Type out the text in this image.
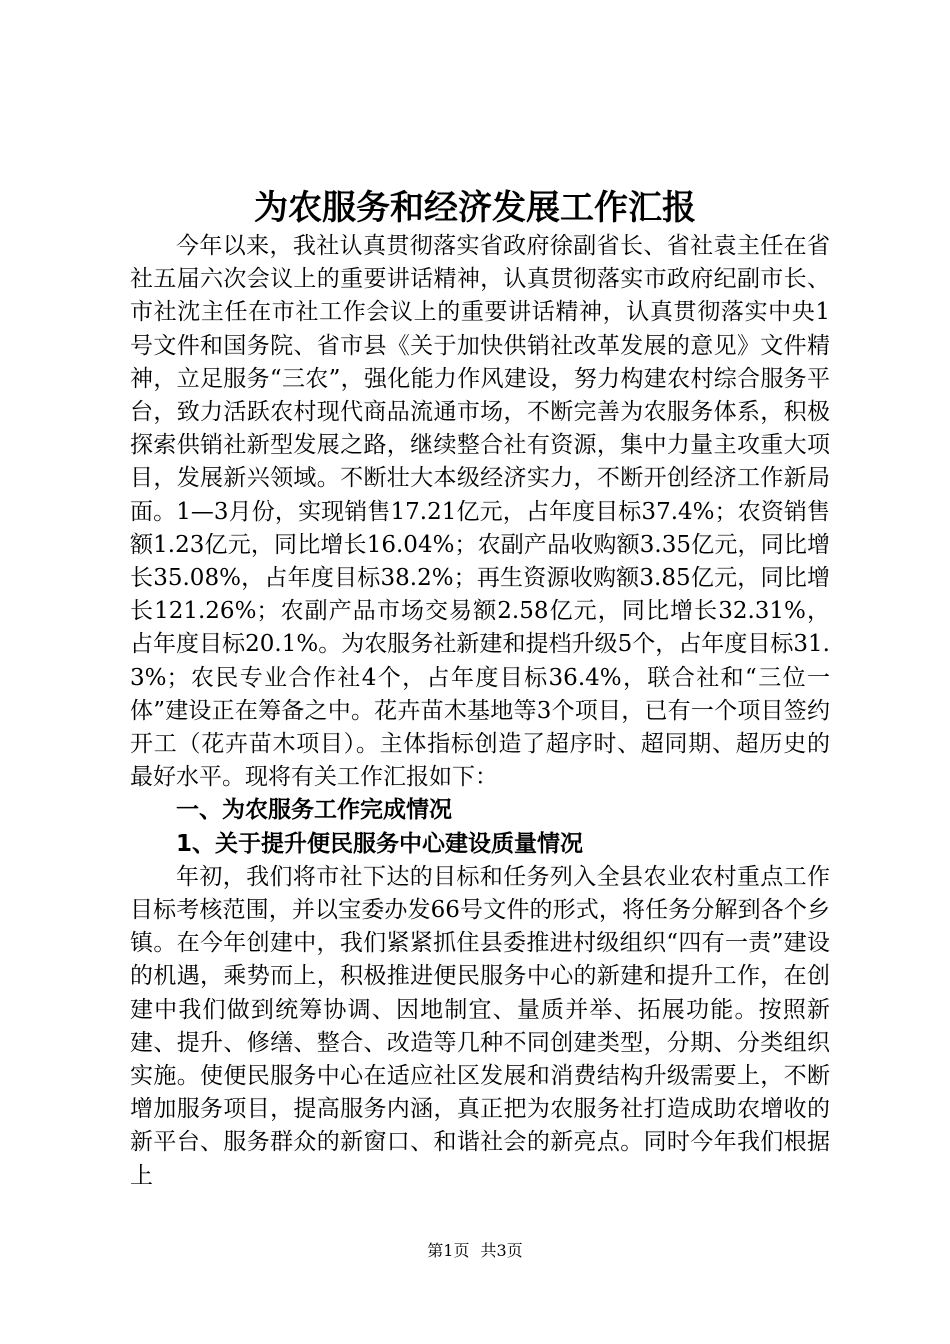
为农服务和经济发展工作汇报

今年以来，我社认真贯彻落实省政府徐副省长、省社袁主任在省社五届六次会议上的重要讲话精神，认真贯彻落实市政府纪副市长、市社沈主任在市社工作会议上的重要讲话精神，认真贯彻落实中央1号文件和国务院、省市县《关于加快供销社改革发展的意见》文件精神，立足服务“三农”，强化能力作风建设，努力构建农村综合服务平台，致力活跃农村现代商品流通市场，不断完善为农服务体系，积极探索供销社新型发展之路，继续整合社有资源，集中力量主攻重大项目，发展新兴领域。不断壮大本级经济实力，不断开创经济工作新局面。1—3月份，实现销售17.21亿元，占年度目标37.4%；农资销售额1.23亿元，同比增长16.04%；农副产品收购额3.35亿元，同比增长35.08%，占年度目标38.2%；再生资源收购额3.85亿元，同比增长121.26%；农副产品市场交易额2.58亿元，同比增长32.31%，占年度目标20.1%。为农服务社新建和提档升级5个，占年度目标31.3%；农民专业合作社4个，占年度目标36.4%，联合社和“三位一体”建设正在筹备之中。花卉苗木基地等3个项目，已有一个项目签约开工（花卉苗木项目）。主体指标创造了超序时、超同期、超历史的最好水平。现将有关工作汇报如下：

一、为农服务工作完成情况

1、关于提升便民服务中心建设质量情况

年初，我们将市社下达的目标和任务列入全县农业农村重点工作目标考核范围，并以宝委办发66号文件的形式，将任务分解到各个乡镇。在今年创建中，我们紧紧抓住县委推进村级组织“四有一责”建设的机遇，乘势而上，积极推进便民服务中心的新建和提升工作，在创建中我们做到统筹协调、因地制宜、量质并举、拓展功能。按照新建、提升、修缮、整合、改造等几种不同创建类型，分期、分类组织实施。使便民服务中心在适应社区发展和消费结构升级需要上，不断增加服务项目，提高服务内涵，真正把为农服务社打造成助农增收的新平台、服务群众的新窗口、和谐社会的新亮点。同时今年我们根据上

第1页 共3页
